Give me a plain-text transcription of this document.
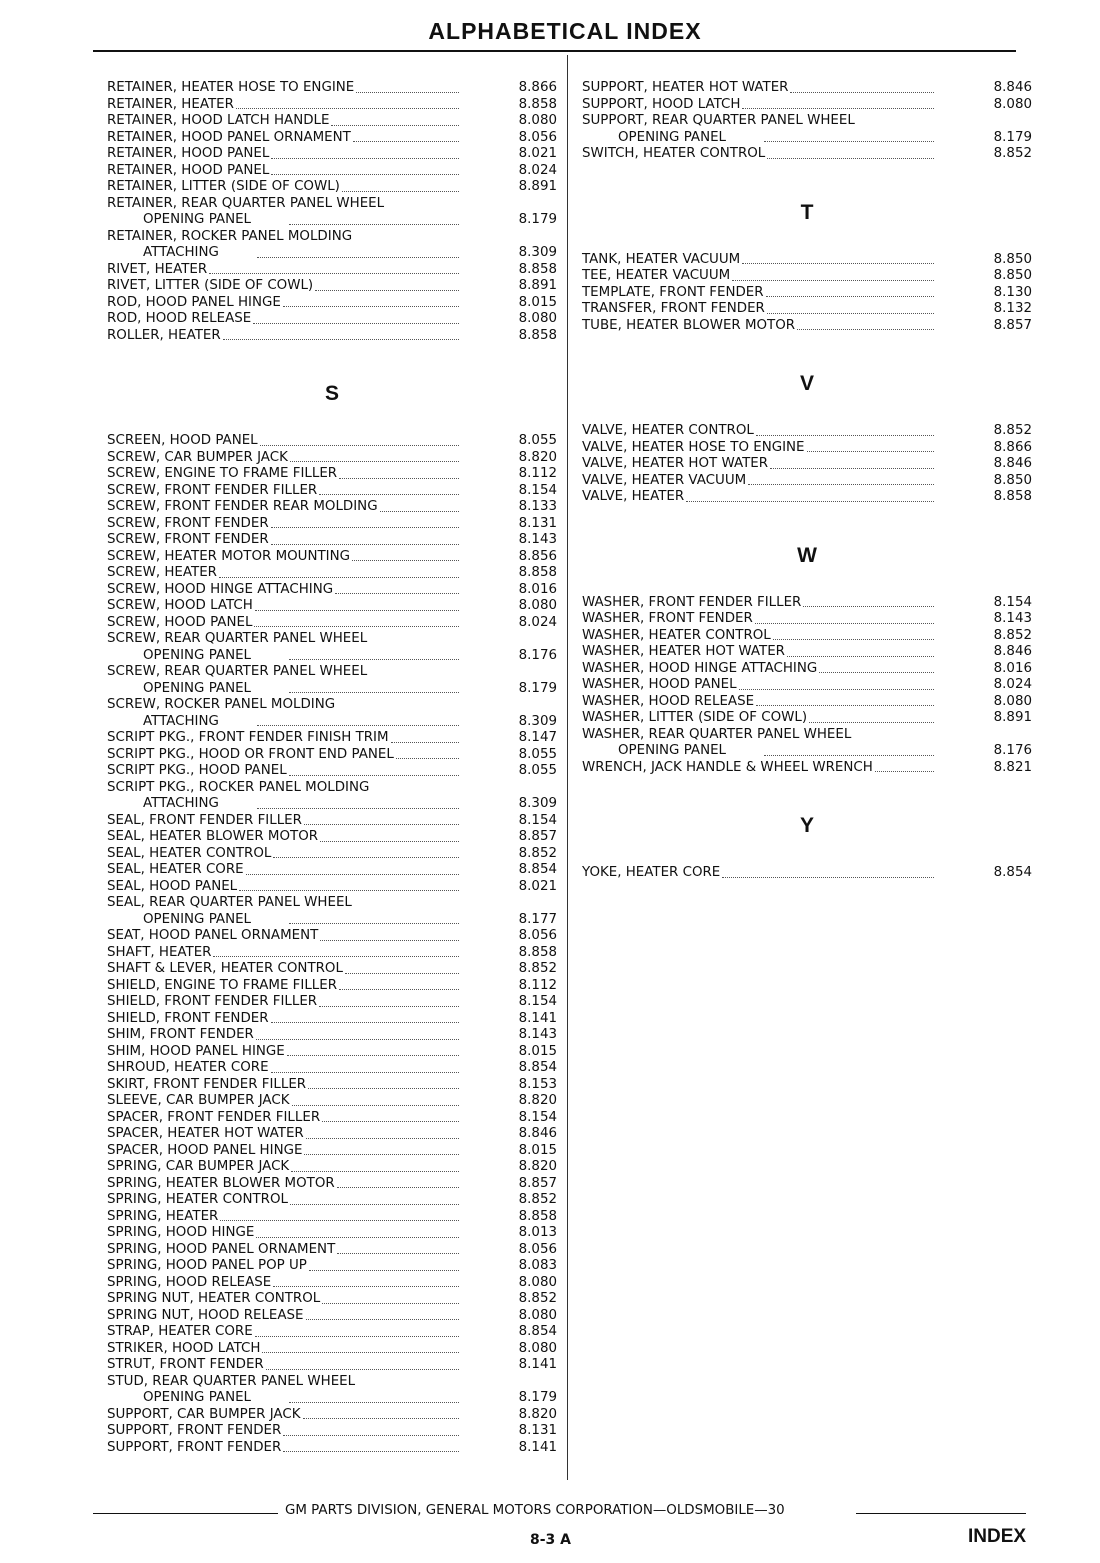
ALPHABETICAL INDEX
RETAINER, HEATER HOSE TO ENGINE	8.866
RETAINER, HEATER	8.858
RETAINER, HOOD LATCH HANDLE	8.080
RETAINER, HOOD PANEL ORNAMENT	8.056
RETAINER, HOOD PANEL	8.021
RETAINER, HOOD PANEL	8.024
RETAINER, LITTER (SIDE OF COWL)	8.891
RETAINER, REAR QUARTER PANEL WHEEL
OPENING PANEL	8.179
RETAINER, ROCKER PANEL MOLDING
ATTACHING	8.309
RIVET, HEATER	8.858
RIVET, LITTER (SIDE OF COWL)	8.891
ROD, HOOD PANEL HINGE	8.015
ROD, HOOD RELEASE	8.080
ROLLER, HEATER	8.858
S
SCREEN, HOOD PANEL	8.055
SCREW, CAR BUMPER JACK	8.820
SCREW, ENGINE TO FRAME FILLER	8.112
SCREW, FRONT FENDER FILLER	8.154
SCREW, FRONT FENDER REAR MOLDING	8.133
SCREW, FRONT FENDER	8.131
SCREW, FRONT FENDER	8.143
SCREW, HEATER MOTOR MOUNTING	8.856
SCREW, HEATER	8.858
SCREW, HOOD HINGE ATTACHING	8.016
SCREW, HOOD LATCH	8.080
SCREW, HOOD PANEL	8.024
SCREW, REAR QUARTER PANEL WHEEL
OPENING PANEL	8.176
SCREW, REAR QUARTER PANEL WHEEL
OPENING PANEL	8.179
SCREW, ROCKER PANEL MOLDING
ATTACHING	8.309
SCRIPT PKG., FRONT FENDER FINISH TRIM	8.147
SCRIPT PKG., HOOD OR FRONT END PANEL	8.055
SCRIPT PKG., HOOD PANEL	8.055
SCRIPT PKG., ROCKER PANEL MOLDING
ATTACHING	8.309
SEAL, FRONT FENDER FILLER	8.154
SEAL, HEATER BLOWER MOTOR	8.857
SEAL, HEATER CONTROL	8.852
SEAL, HEATER CORE	8.854
SEAL, HOOD PANEL	8.021
SEAL, REAR QUARTER PANEL WHEEL
OPENING PANEL	8.177
SEAT, HOOD PANEL ORNAMENT	8.056
SHAFT, HEATER	8.858
SHAFT & LEVER, HEATER CONTROL	8.852
SHIELD, ENGINE TO FRAME FILLER	8.112
SHIELD, FRONT FENDER FILLER	8.154
SHIELD, FRONT FENDER	8.141
SHIM, FRONT FENDER	8.143
SHIM, HOOD PANEL HINGE	8.015
SHROUD, HEATER CORE	8.854
SKIRT, FRONT FENDER FILLER	8.153
SLEEVE, CAR BUMPER JACK	8.820
SPACER, FRONT FENDER FILLER	8.154
SPACER, HEATER HOT WATER	8.846
SPACER, HOOD PANEL HINGE	8.015
SPRING, CAR BUMPER JACK	8.820
SPRING, HEATER BLOWER MOTOR	8.857
SPRING, HEATER CONTROL	8.852
SPRING, HEATER	8.858
SPRING, HOOD HINGE	8.013
SPRING, HOOD PANEL ORNAMENT	8.056
SPRING, HOOD PANEL POP UP	8.083
SPRING, HOOD RELEASE	8.080
SPRING NUT, HEATER CONTROL	8.852
SPRING NUT, HOOD RELEASE	8.080
STRAP, HEATER CORE	8.854
STRIKER, HOOD LATCH	8.080
STRUT, FRONT FENDER	8.141
STUD, REAR QUARTER PANEL WHEEL
OPENING PANEL	8.179
SUPPORT, CAR BUMPER JACK	8.820
SUPPORT, FRONT FENDER	8.131
SUPPORT, FRONT FENDER	8.141
SUPPORT, HEATER HOT WATER	8.846
SUPPORT, HOOD LATCH	8.080
SUPPORT, REAR QUARTER PANEL WHEEL
OPENING PANEL	8.179
SWITCH, HEATER CONTROL	8.852
T
TANK, HEATER VACUUM	8.850
TEE, HEATER VACUUM	8.850
TEMPLATE, FRONT FENDER	8.130
TRANSFER, FRONT FENDER	8.132
TUBE, HEATER BLOWER MOTOR	8.857
V
VALVE, HEATER CONTROL	8.852
VALVE, HEATER HOSE TO ENGINE	8.866
VALVE, HEATER HOT WATER	8.846
VALVE, HEATER VACUUM	8.850
VALVE, HEATER	8.858
W
WASHER, FRONT FENDER FILLER	8.154
WASHER, FRONT FENDER	8.143
WASHER, HEATER CONTROL	8.852
WASHER, HEATER HOT WATER	8.846
WASHER, HOOD HINGE ATTACHING	8.016
WASHER, HOOD PANEL	8.024
WASHER, HOOD RELEASE	8.080
WASHER, LITTER (SIDE OF COWL)	8.891
WASHER, REAR QUARTER PANEL WHEEL
OPENING PANEL	8.176
WRENCH, JACK HANDLE & WHEEL WRENCH	8.821
Y
YOKE, HEATER CORE	8.854
GM PARTS DIVISION, GENERAL MOTORS CORPORATION—OLDSMOBILE—30
8-3 A	INDEX
